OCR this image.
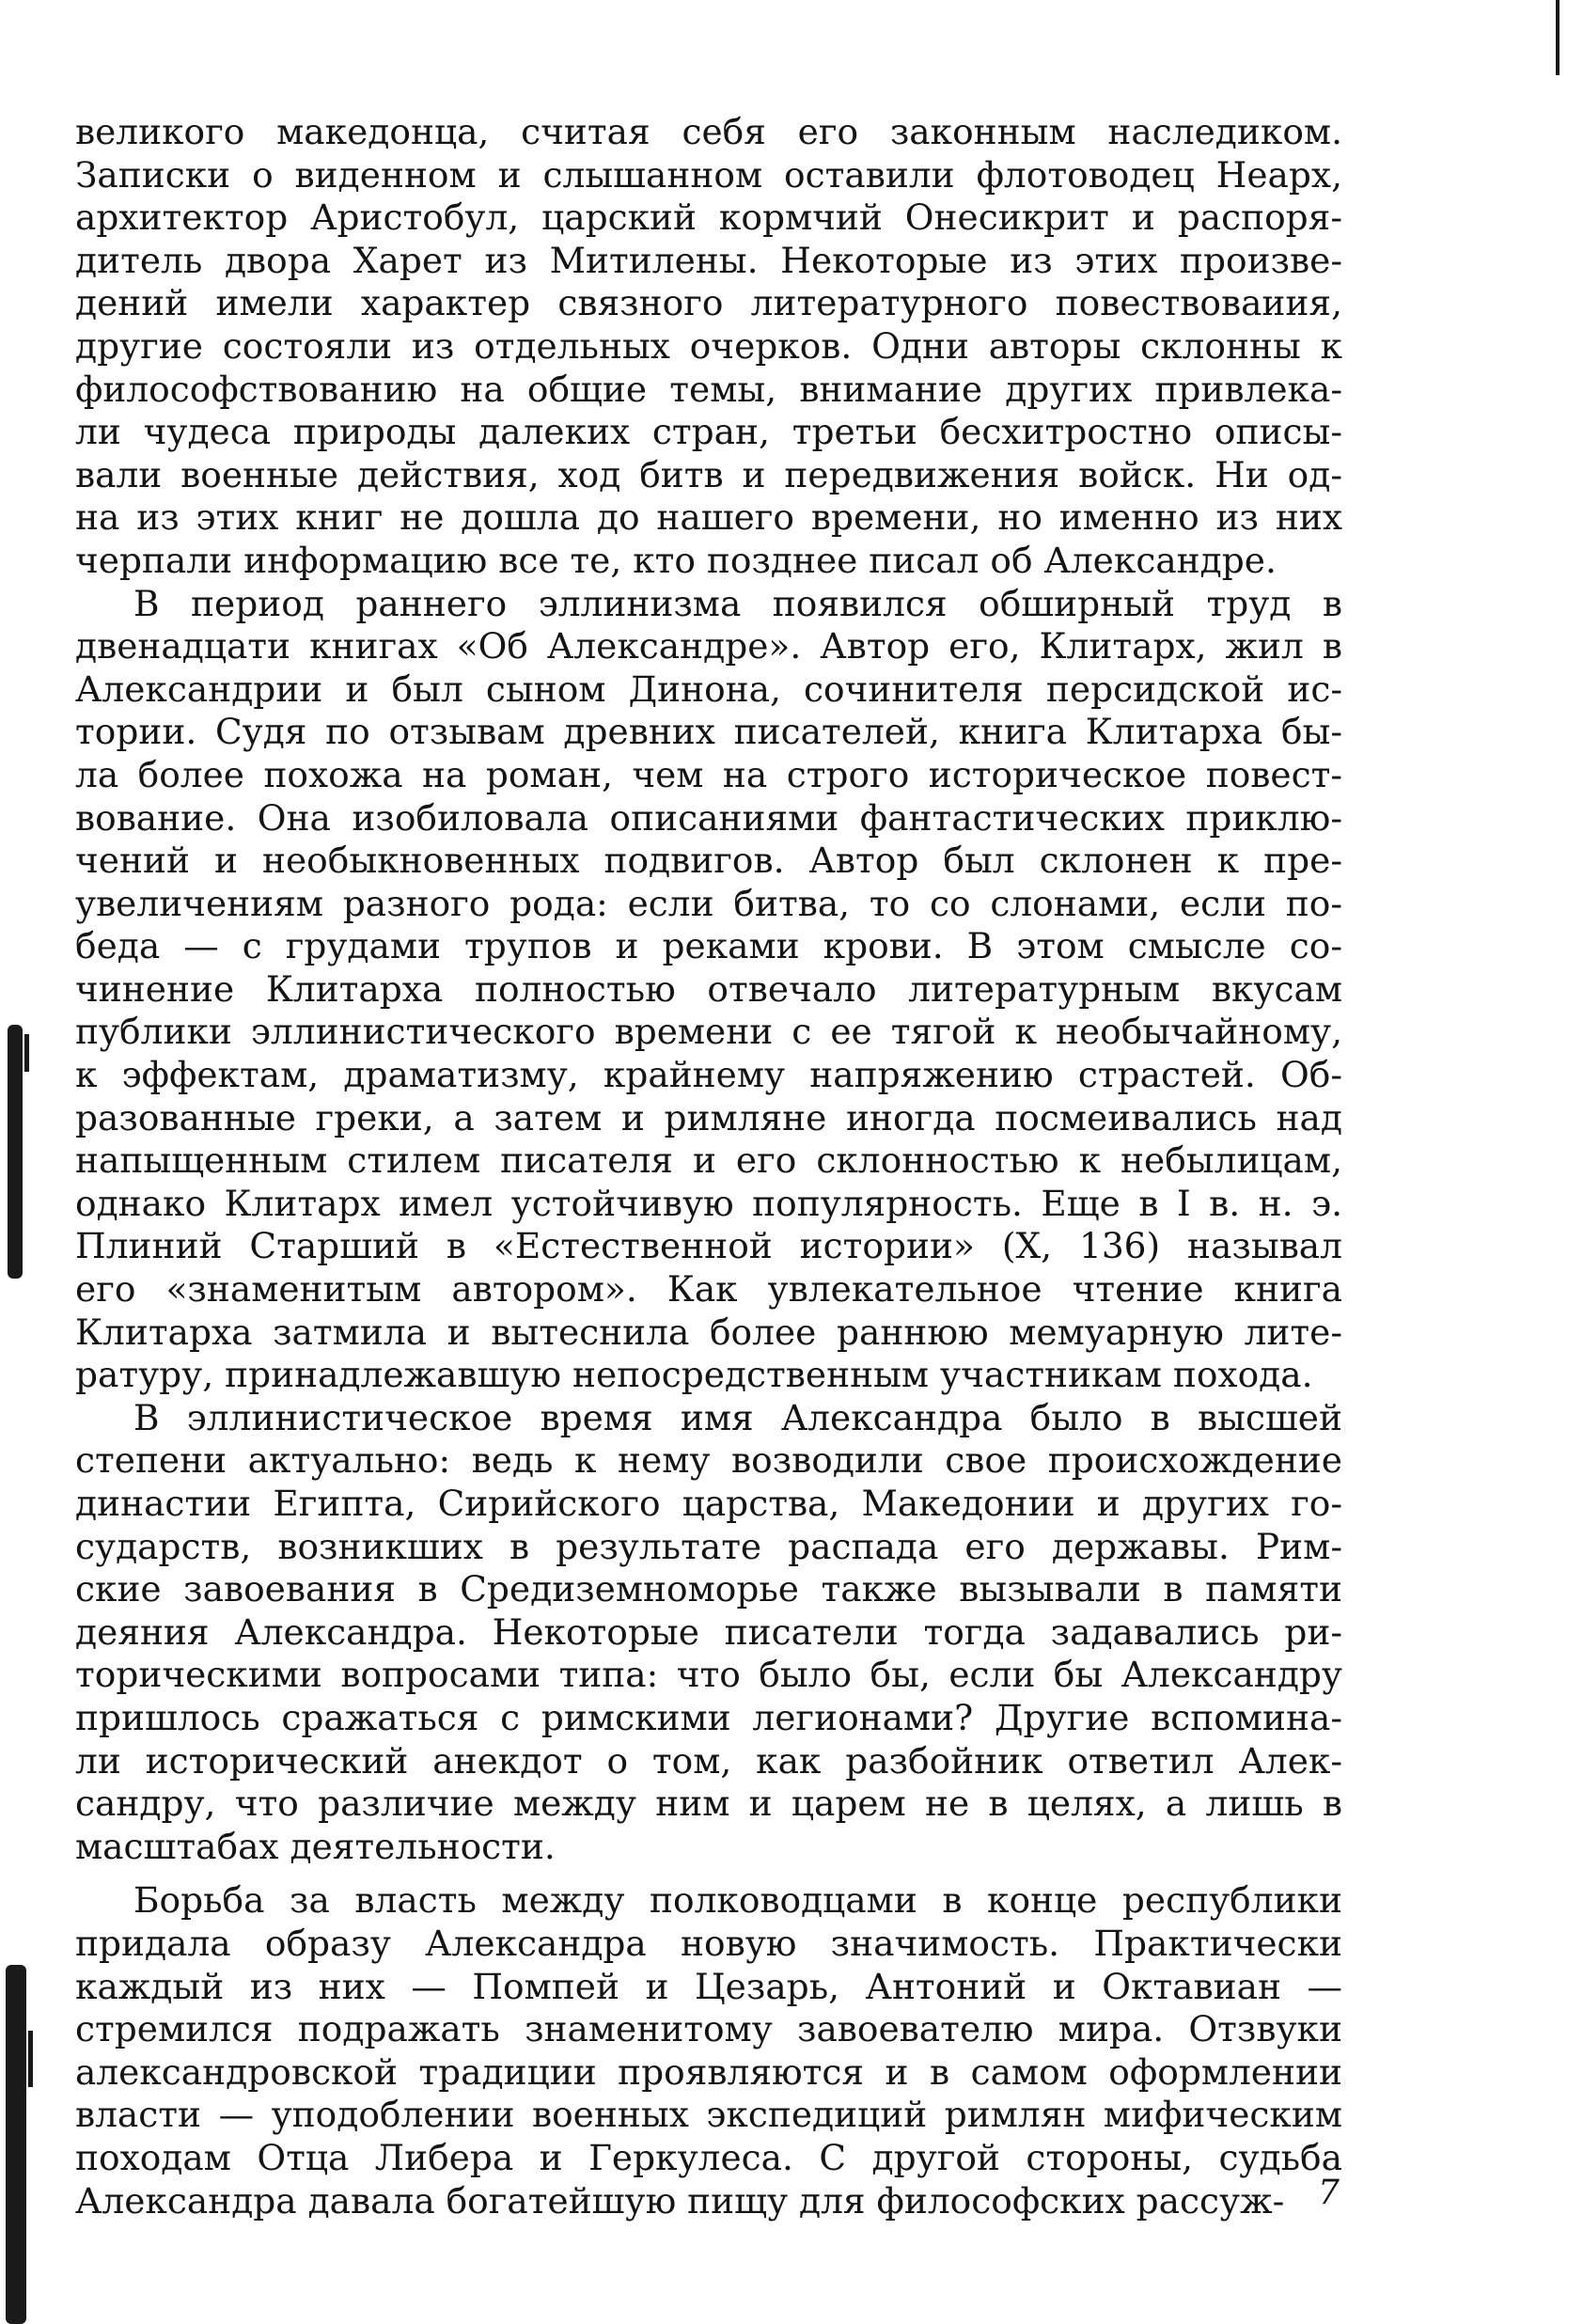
великого македонца, считая себя его законным наследиком.
Записки о виденном и слышанном оставили флотоводец Неарх,
архитектор Аристобул, царский кормчий Онесикрит и распоря-
дитель двора Харет из Митилены. Некоторые из этих произве-
дений имели характер связного литературного повествоваиия,
другие состояли из отдельных очерков. Одни авторы склонны к
философствованию на общие темы, внимание других привлека-
ли чудеса природы далеких стран, третьи бесхитростно описы-
вали военные действия, ход битв и передвижения войск. Ни од-
на из этих книг не дошла до нашего времени, но именно из них
черпали информацию все те, кто позднее писал об Александре.

В период раннего эллинизма появился обширный труд в
двенадцати книгах «Об Александре». Автор его, Клитарх, жил в
Александрии и был сыном Динона, сочинителя персидской ис-
тории. Судя по отзывам древних писателей, книга Клитарха бы-
ла более похожа на роман, чем на строго историческое повест-
вование. Она изобиловала описаниями фантастических приклю-
чений и необыкновенных подвигов. Автор был склонен к пре-
увеличениям разного рода: если битва, то со слонами, если по-
беда — с грудами трупов и реками крови. В этом смысле со-
чинение Клитарха полностью отвечало литературным вкусам
публики эллинистического времени с ее тягой к необычайному,
к эффектам, драматизму, крайнему напряжению страстей. Об-
разованные греки, а затем и римляне иногда посмеивались над
напыщенным стилем писателя и его склонностью к небылицам,
однако Клитарх имел устойчивую популярность. Еще в I в. н. э.
Плиний Старший в «Естественной истории» (X, 136) называл
его «знаменитым автором». Как увлекательное чтение книга
Клитарха затмила и вытеснила более раннюю мемуарную лите-
ратуру, принадлежавшую непосредственным участникам похода.

В эллинистическое время имя Александра было в высшей
степени актуально: ведь к нему возводили свое происхождение
династии Египта, Сирийского царства, Македонии и других го-
сударств, возникших в результате распада его державы. Рим-
ские завоевания в Средиземноморье также вызывали в памяти
деяния Александра. Некоторые писатели тогда задавались ри-
торическими вопросами типа: что было бы, если бы Александру
пришлось сражаться с римскими легионами? Другие вспомина-
ли исторический анекдот о том, как разбойник ответил Алек-
сандру, что различие между ним и царем не в целях, а лишь в
масштабах деятельности.

Борьба за власть между полководцами в конце республики
придала образу Александра новую значимость. Практически
каждый из них — Помпей и Цезарь, Антоний и Октавиан —
стремился подражать знаменитому завоевателю мира. Отзвуки
александровской традиции проявляются и в самом оформлении
власти — уподоблении военных экспедиций римлян мифическим
походам Отца Либера и Геркулеса. С другой стороны, судьба
Александра давала богатейшую пищу для философских рассуж- 7
